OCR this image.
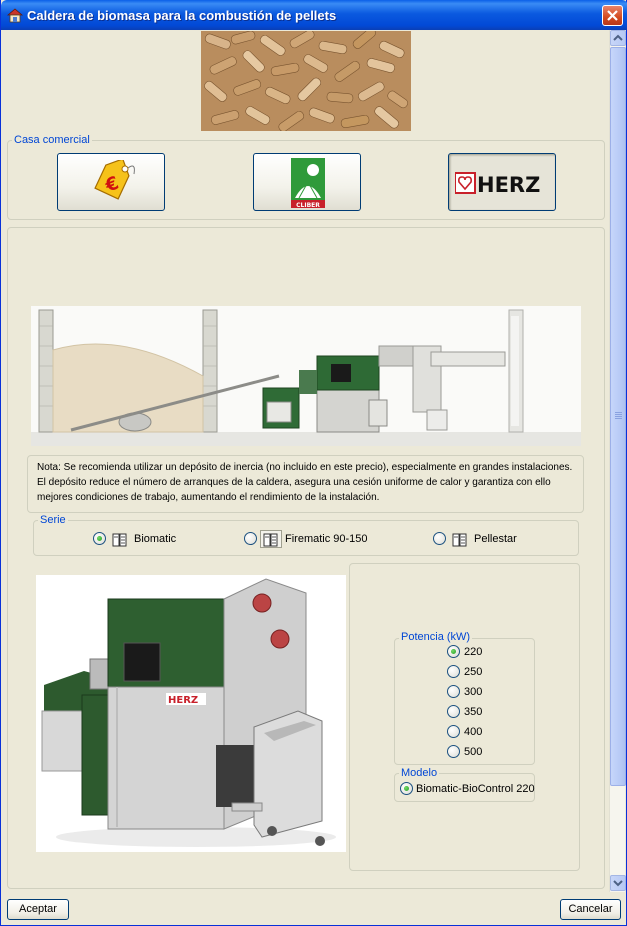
Caldera de biomasa para la combustión de pellets
Casa comercial
€
CLIBER
HERZ
Nota: Se recomienda utilizar un depósito de inercia (no incluido en este precio), especialmente en grandes instalaciones. El depósito reduce el número de arranques de la caldera, asegura una cesión uniforme de calor y garantiza con ello mejores condiciones de trabajo, aumentando el rendimiento de la instalación.
Serie
Biomatic	Firematic 90-150	Pellestar
HERZ
Potencia (kW)
220
250
300
350
400
500
Modelo
Biomatic-BioControl 220
Aceptar	Cancelar
